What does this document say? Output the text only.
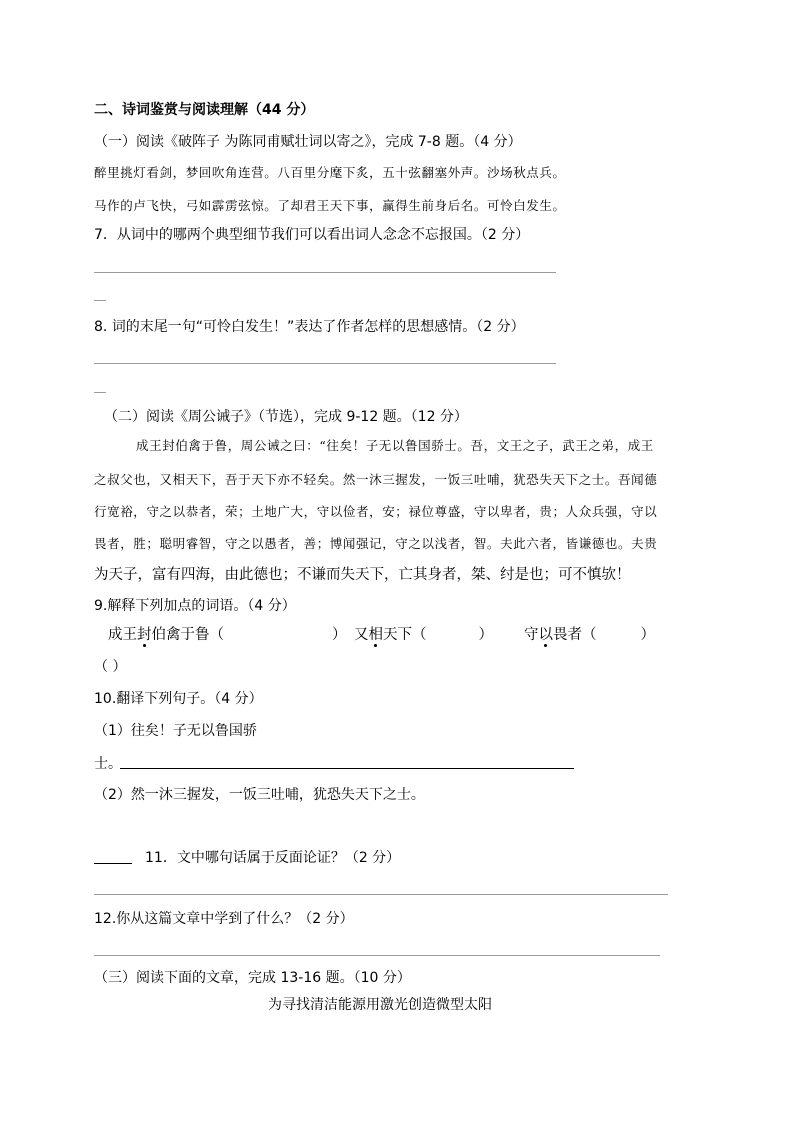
二、诗词鉴赏与阅读理解（44 分）
（一）阅读《破阵子 为陈同甫赋壮词以寄之》，完成 7-8 题。（4 分）
醉里挑灯看剑，梦回吹角连营。八百里分麾下炙，五十弦翻塞外声。沙场秋点兵。
马作的卢飞快，弓如霹雳弦惊。了却君王天下事，赢得生前身后名。可怜白发生。
7．从词中的哪两个典型细节我们可以看出词人念念不忘报国。（2 分）
8. 词的末尾一句“可怜白发生！”表达了作者怎样的思想感情。（2 分）
（二）阅读《周公诫子》（节选），完成 9-12 题。（12 分）
成王封伯禽于鲁，周公诫之曰：“往矣！子无以鲁国骄士。吾，文王之子，武王之弟，成王
之叔父也，又相天下，吾于天下亦不轻矣。然一沐三握发，一饭三吐哺，犹恐失天下之士。吾闻德
行宽裕，守之以恭者，荣；土地广大，守以俭者，安；禄位尊盛，守以卑者，贵；人众兵强，守以
畏者，胜；聪明睿智，守之以愚者，善；博闻强记，守之以浅者，智。夫此六者，皆谦德也。夫贵
为天子，富有四海，由此德也；不谦而失天下，亡其身者，桀、纣是也；可不慎欤！
9.解释下列加点的词语。（4 分）
成王封伯禽于鲁（	） 又相天下（	） 守以畏者（	）
（ ）
10.翻译下列句子。（4 分）
（1）往矣！子无以鲁国骄
士。
（2）然一沐三握发，一饭三吐哺，犹恐失天下之士。
11．文中哪句话属于反面论证？（2 分）
12.你从这篇文章中学到了什么？（2 分）
（三）阅读下面的文章，完成 13-16 题。（10 分）
为寻找清洁能源用激光创造微型太阳
